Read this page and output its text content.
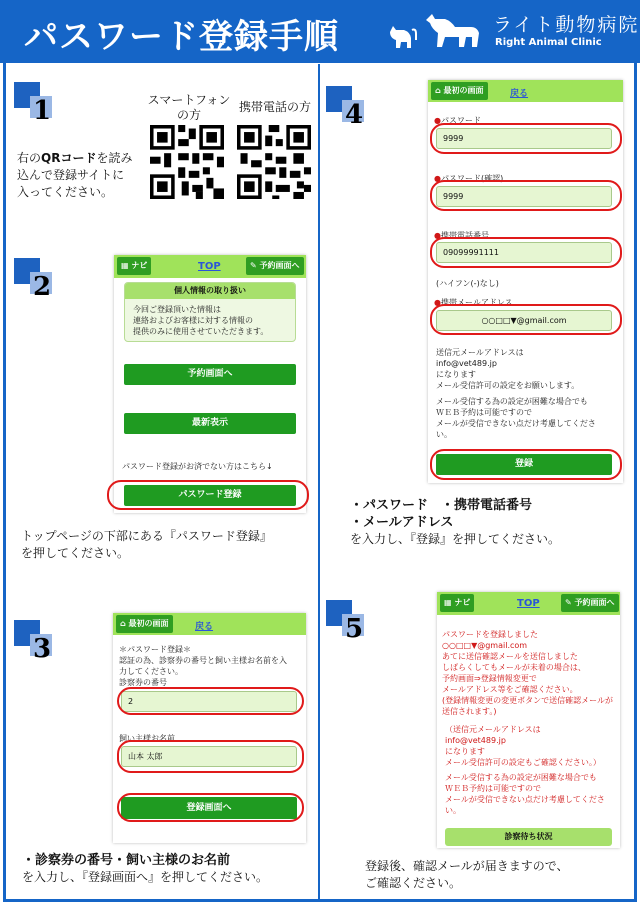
パスワード登録手順	ライト動物病院
Right Animal Clinic
1
右のQRコードを読み
込んで登録サイトに
入ってください。
スマートフォン
の方
携帯電話の方
2
▦ ナビ	TOP	✎ 予約画面へ
個人情報の取り扱い
今回ご登録頂いた情報は
連絡およびお客様に対する情報の
提供のみに使用させていただきます。
予約画面へ
最新表示
パスワード登録がお済でない方はこちら↓
パスワード登録
トップページの下部にある『パスワード登録』
を押してください。
3
⌂ 最初の画面	戻る
＊パスワード登録＊
認証の為、診察券の番号と飼い主様お名前を入
力してください。
診察券の番号
2
飼い主様お名前
山本 太郎
登録画面へ
・診察券の番号・飼い主様のお名前
を入力し、『登録画面へ』を押してください。
4
⌂ 最初の画面	戻る
●パスワード
9999
●パスワード(確認)
9999
●携帯電話番号
09099991111
(ハイフン(-)なし)
●携帯メールアドレス
○○□□▼@gmail.com
送信元メールアドレスは
info@vet489.jp
になります
メール受信許可の設定をお願いします。
メール受信する為の設定が困難な場合でも
ＷＥＢ予約は可能ですので
メールが受信できない点だけ考慮してくださ
い。
登録
・パスワード　・携帯電話番号
・メールアドレス
を入力し、『登録』を押してください。
5
▦ ナビ	TOP	✎ 予約画面へ
パスワードを登録しました
○○□□▼@gmail.com
あてに送信確認メールを送信しました
しばらくしてもメールが未着の場合は、
予約画面⇒登録情報変更で
メールアドレス等をご確認ください。
(登録情報変更の変更ボタンで送信確認メールが
送信されます。)
（送信元メールアドレスは
info@vet489.jp
になります
メール受信許可の設定もご確認ください。）
メール受信する為の設定が困難な場合でも
ＷＥＢ予約は可能ですので
メールが受信できない点だけ考慮してくださ
い。
診察待ち状況
登録後、確認メールが届きますので、
ご確認ください。
